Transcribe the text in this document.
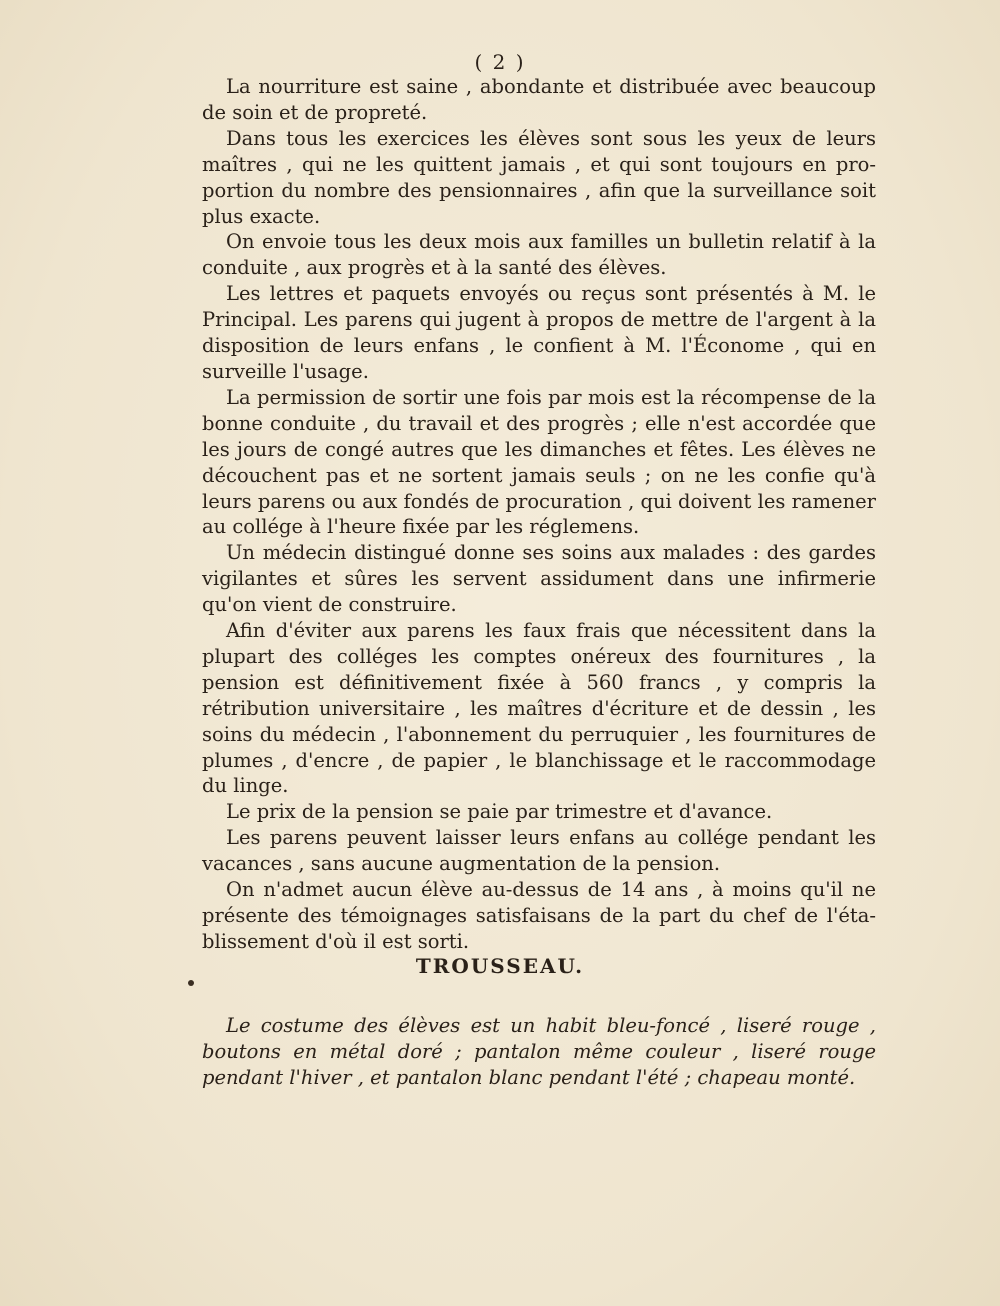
( 2 )

La nourriture est saine , abondante et distribuée avec beaucoup de soin et de propreté.

Dans tous les exercices les élèves sont sous les yeux de leurs maîtres , qui ne les quittent jamais , et qui sont toujours en proportion du nombre des pensionnaires , afin que la surveillance soit plus exacte.

On envoie tous les deux mois aux familles un bulletin relatif à la conduite , aux progrès et à la santé des élèves.

Les lettres et paquets envoyés ou reçus sont présentés à M. le Principal. Les parens qui jugent à propos de mettre de l'argent à la disposition de leurs enfans , le confient à M. l'Économe , qui en surveille l'usage.

La permission de sortir une fois par mois est la récompense de la bonne conduite , du travail et des progrès ; elle n'est accordée que les jours de congé autres que les dimanches et fêtes. Les élèves ne découchent pas et ne sortent jamais seuls ; on ne les confie qu'à leurs parens ou aux fondés de procuration , qui doivent les ramener au collége à l'heure fixée par les réglemens.

Un médecin distingué donne ses soins aux malades : des gardes vigilantes et sûres les servent assidument dans une infirmerie qu'on vient de construire.

Afin d'éviter aux parens les faux frais que nécessitent dans la plupart des colléges les comptes onéreux des fournitures , la pension est définitivement fixée à 560 francs , y compris la rétribution universitaire , les maîtres d'écriture et de dessin , les soins du médecin , l'abonnement du perruquier , les fournitures de plumes , d'encre , de papier , le blanchissage et le raccommodage du linge.

Le prix de la pension se paie par trimestre et d'avance.

Les parens peuvent laisser leurs enfans au collége pendant les vacances , sans aucune augmentation de la pension.

On n'admet aucun élève au-dessus de 14 ans , à moins qu'il ne présente des témoignages satisfaisans de la part du chef de l'établissement d'où il est sorti.

TROUSSEAU.

Le costume des élèves est un habit bleu-foncé , liseré rouge , boutons en métal doré ; pantalon même couleur , liseré rouge pendant l'hiver , et pantalon blanc pendant l'été ; chapeau monté.
